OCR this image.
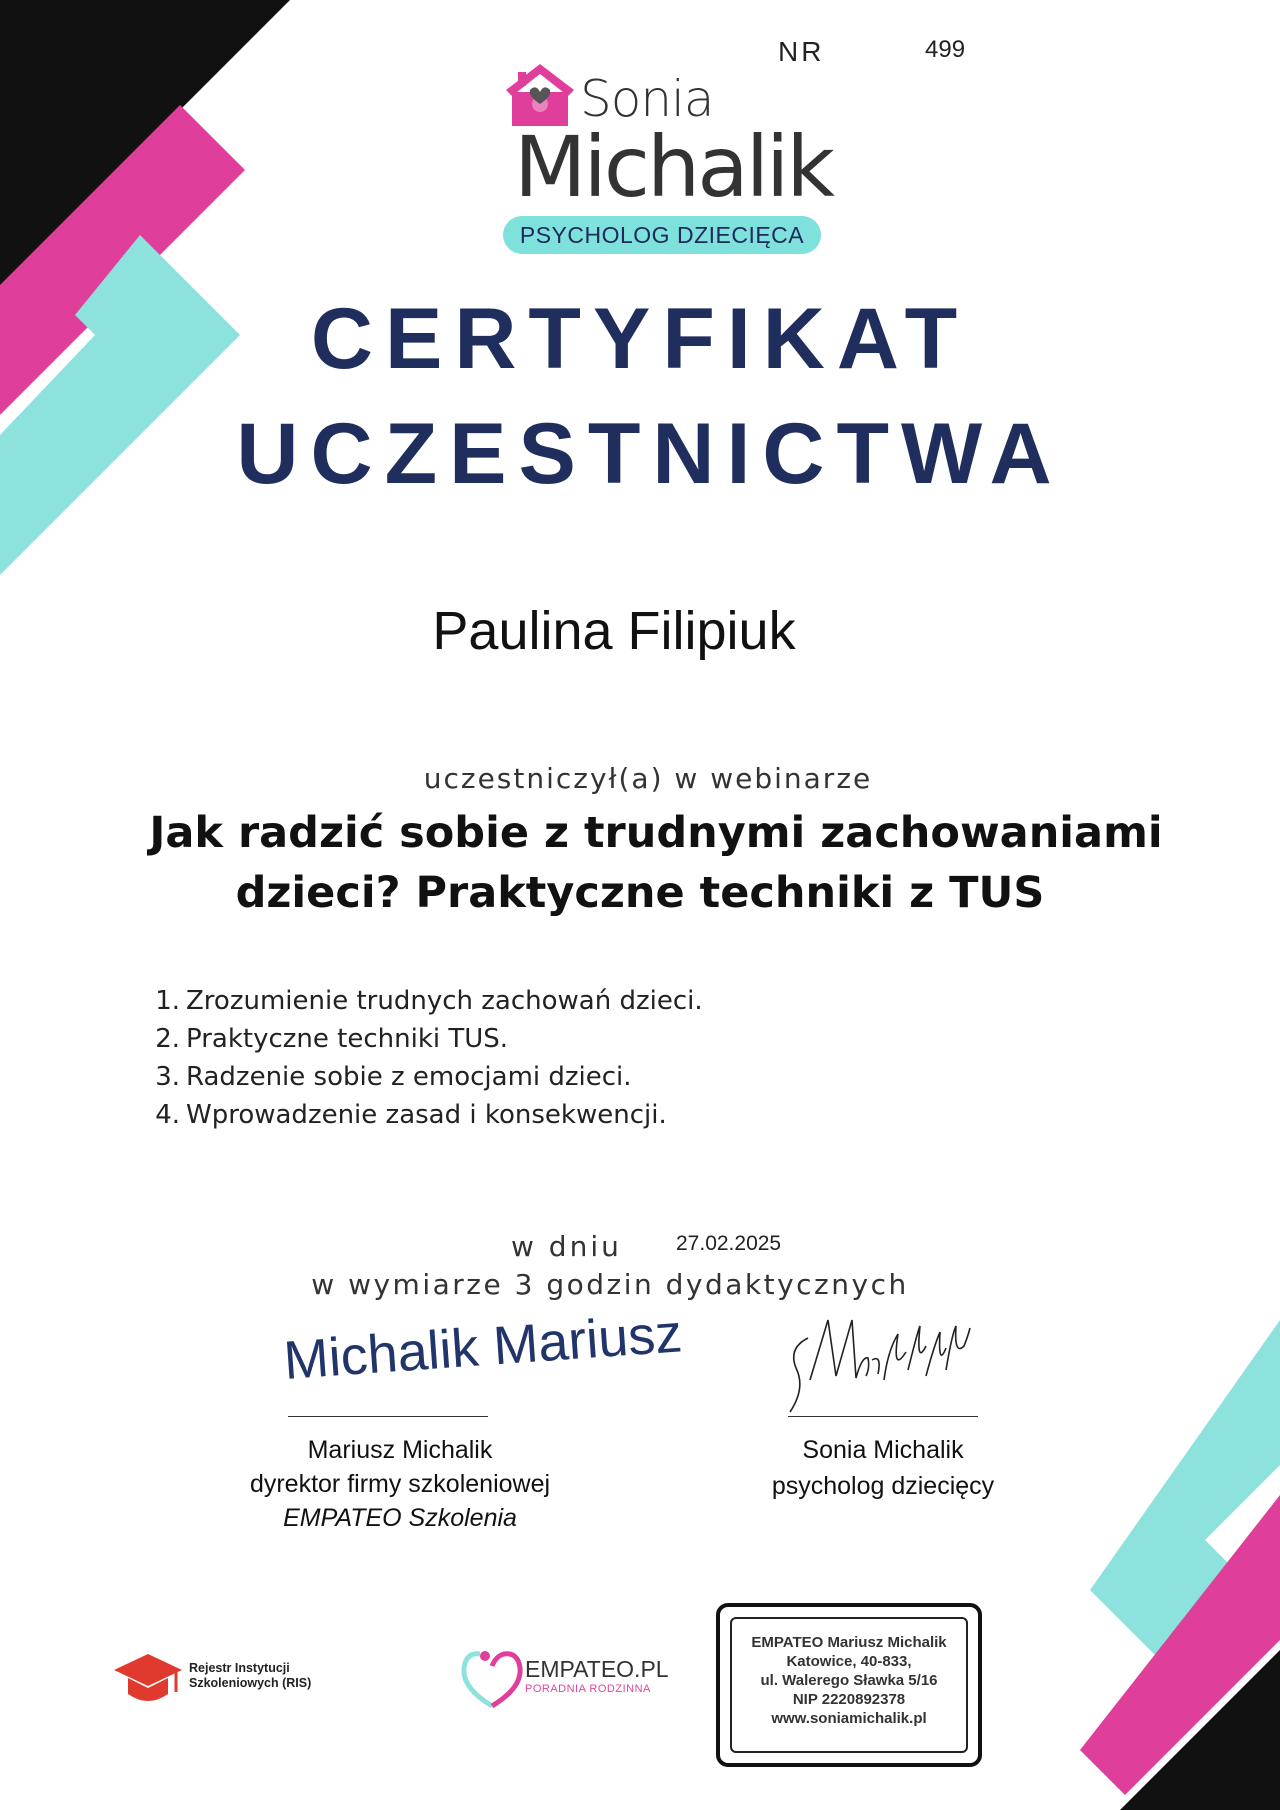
NR	499
Sonia
Michalik
PSYCHOLOG DZIECIĘCA
CERTYFIKAT
UCZESTNICTWA
Paulina Filipiuk
uczestniczył(a) w webinarze
Jak radzić sobie z trudnymi zachowaniami
dzieci? Praktyczne techniki z TUS
1. Zrozumienie trudnych zachowań dzieci.
2. Praktyczne techniki TUS.
3. Radzenie sobie z emocjami dzieci.
4. Wprowadzenie zasad i konsekwencji.
w dniu	27.02.2025
w wymiarze 3 godzin dydaktycznych
Michalik Mariusz
Mariusz Michalik
dyrektor firmy szkoleniowej
EMPATEO Szkolenia
Sonia Michalik
psycholog dziecięcy
Rejestr Instytucji
Szkoleniowych (RIS)
EMPATEO.PL
PORADNIA RODZINNA
EMPATEO Mariusz Michalik
Katowice, 40-833,
ul. Walerego Sławka 5/16
NIP 2220892378
www.soniamichalik.pl
